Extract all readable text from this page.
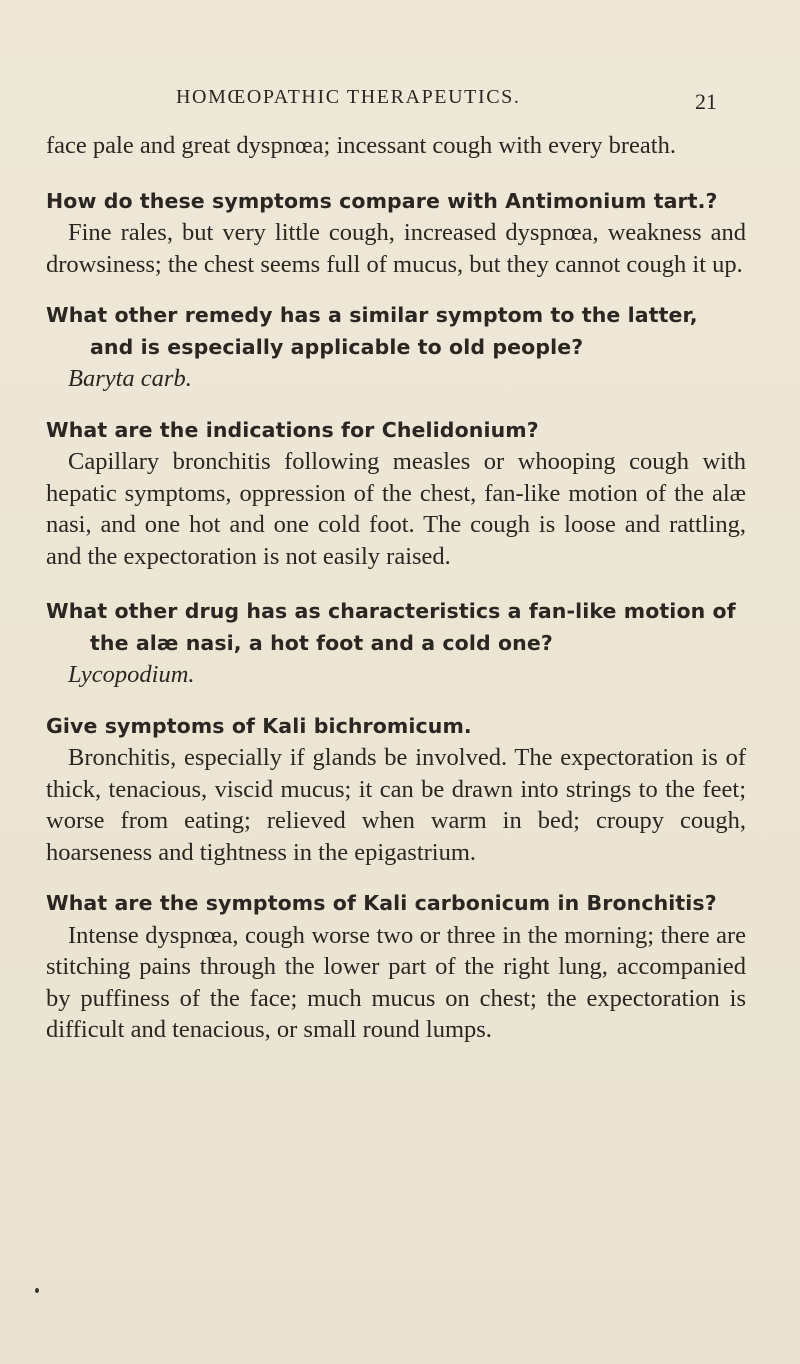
HOMŒOPATHIC THERAPEUTICS.	21

face pale and great dyspnœa; incessant cough with every breath.

How do these symptoms compare with Antimonium tart.?

Fine rales, but very little cough, increased dyspnœa, weakness and drowsiness; the chest seems full of mucus, but they cannot cough it up.

What other remedy has a similar symptom to the latter, and is especially applicable to old people?

Baryta carb.

What are the indications for Chelidonium?

Capillary bronchitis following measles or whooping cough with hepatic symptoms, oppression of the chest, fan-like motion of the alæ nasi, and one hot and one cold foot. The cough is loose and rattling, and the expectoration is not easily raised.

What other drug has as characteristics a fan-like motion of the alæ nasi, a hot foot and a cold one?

Lycopodium.

Give symptoms of Kali bichromicum.

Bronchitis, especially if glands be involved. The expectoration is of thick, tenacious, viscid mucus; it can be drawn into strings to the feet; worse from eating; relieved when warm in bed; croupy cough, hoarseness and tightness in the epigastrium.

What are the symptoms of Kali carbonicum in Bronchitis?

Intense dyspnœa, cough worse two or three in the morning; there are stitching pains through the lower part of the right lung, accompanied by puffiness of the face; much mucus on chest; the expectoration is difficult and tenacious, or small round lumps.
